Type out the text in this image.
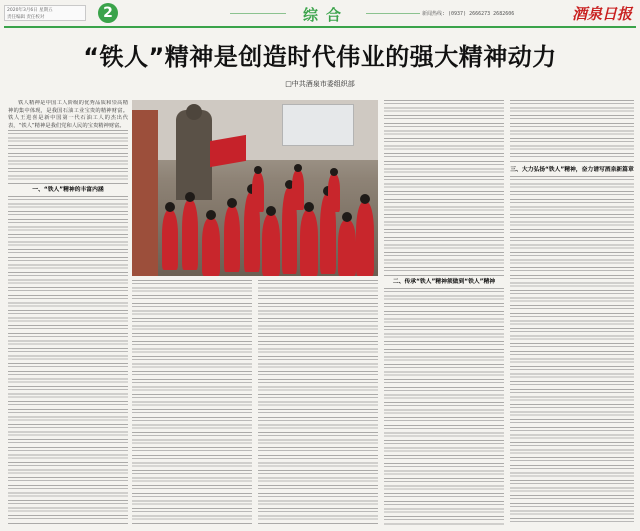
2020年3月6日 星期五
责任编辑 责任校对	2	综合	新闻热线: (0937) 2666273 2682606	酒泉日报
“铁人”精神是创造时代伟业的强大精神动力
□中共酒泉市委组织部

铁人精神是中国工人阶级的优秀品质和崇高精神的集中体现，是我国石油工业宝贵的精神财富。铁人王进喜是新中国第一代石油工人的杰出代表，“铁人”精神是我们党和人民的宝贵精神财富。

一、“铁人”精神的丰富内涵
二、传承“铁人”精神须做到“铁人”精神
三、大力弘扬“铁人”精神，奋力谱写酒泉新篇章
